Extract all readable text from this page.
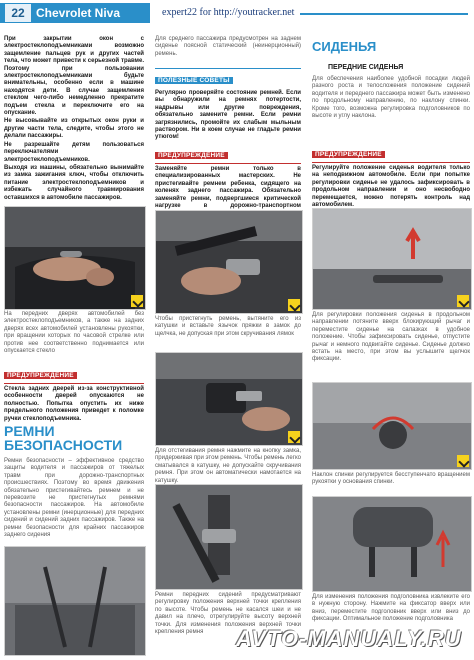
22 Chevrolet Niva	expert22 for http://youtracker.net

При закрытии окон с электростеклоподъемниками возможно защемление пальцев рук и других частей тела, что может привести к серьезной травме. Поэтому при пользовании электростеклоподъемниками будьте внимательны, особенно если в машине находятся дети. В случае защемления стеклом чего-либо немедленно прекратите подъем стекла и переключите его на опускание.

Не высовывайте из открытых окон руки и другие части тела, следите, чтобы этого не делали пассажиры.

Не разрешайте детям пользоваться переключателями электростеклоподъемников.

Выходя из машины, обязательно вынимайте из замка зажигания ключ, чтобы отключить питание электростеклоподъемников и избежать случайного травмирования оставшихся в автомобиле пассажиров.

На передних дверях автомобилей без электростеклоподъемников, а также на задних дверях всех автомобилей установлены рукоятки, при вращении которых по часовой стрелке или против нее соответственно поднимается или опускается стекло
ПРЕДУПРЕЖДЕНИЕ
Стекла задних дверей из-за конструктивной особенности дверей опускаются не полностью. Попытка опустить их ниже предельного положения приведет к поломке ручки стеклоподъемника.
РЕМНИ
БЕЗОПАСНОСТИ
Ремни безопасности – эффективное средство защиты водителя и пассажиров от тяжелых травм при дорожно-транспортных происшествиях. Поэтому во время движения обязательно пристегивайтесь ремнем и не перевозите не пристегнутых ремнями безопасности пассажиров. На автомобиле установлены ремни (инерционные) для передних сидений и сидений задних пассажиров. Также на ремни безопасности для крайних пассажиров заднего сидения
Для среднего пассажира предусмотрен на заднем сиденье поясной статический (неинерционный) ремень.
ПОЛЕЗНЫЕ СОВЕТЫ
Регулярно проверяйте состояние ремней. Если вы обнаружили на ремнях потертости, надрывы или другие повреждения, обязательно замените ремни. Если ремни загрязнились, промойте их слабым мыльным раствором. Ни в коем случае не гладьте ремни утюгом!
ПРЕДУПРЕЖДЕНИЕ
Заменяйте ремни только в специализированных мастерских. Не пристегивайте ремнем ребенка, сидящего на коленях заднего пассажира. Обязательно заменяйте ремни, подвергшиеся критической нагрузке в дорожно-транспортном
Чтобы пристегнуть ремень, вытяните его из катушки и вставьте язычок пряжки в замок до щелчка, не допуская при этом скручивания лямок
Для отстегивания ремня нажмите на кнопку замка, придерживая при этом ремень. Чтобы ремень легко сматывался в катушку, не допускайте скручивания ремня. При этом он автоматически намотается на катушку.
Ремни передних сидений предусматривают регулировку положения верхней точки крепления по высоте. Чтобы ремень не касался шеи и не давил на плечо, отрегулируйте высоту верхней точки. Для изменения положения верхней точки крепления ремня
СИДЕНЬЯ
ПЕРЕДНИЕ СИДЕНЬЯ
Для обеспечения наиболее удобной посадки людей разного роста и телосложения положение сидений водителя и переднего пассажира может быть изменено по продольному направлению, по наклону спинки. Кроме того, возможна регулировка подголовников по высоте и углу наклона.
ПРЕДУПРЕЖДЕНИЕ
Регулируйте положение сиденья водителя только на неподвижном автомобиле. Если при попытке регулировки сиденье не удалось зафиксировать в продольном направлении и оно несвободно перемещается, можно потерять контроль над автомобилем.
Для регулировки положения сиденья в продольном направлении потяните вверх блокирующий рычаг и переместите сиденье на салазках в удобное положение. Чтобы зафиксировать сиденье, отпустите рычаг и немного подвигайте сиденье. Сиденье должно встать на место, при этом вы услышите щелчок фиксации.
Наклон спинки регулируется бесступенчато вращением рукоятки у основания спинки.
Для изменения положения подголовника извлеките его в нужную сторону. Нажмите на фиксатор вверх или вниз, переместите подголовник вверх или вниз до фиксации. Оптимальное положение подголовника
AVTO-MANUALY.RU
